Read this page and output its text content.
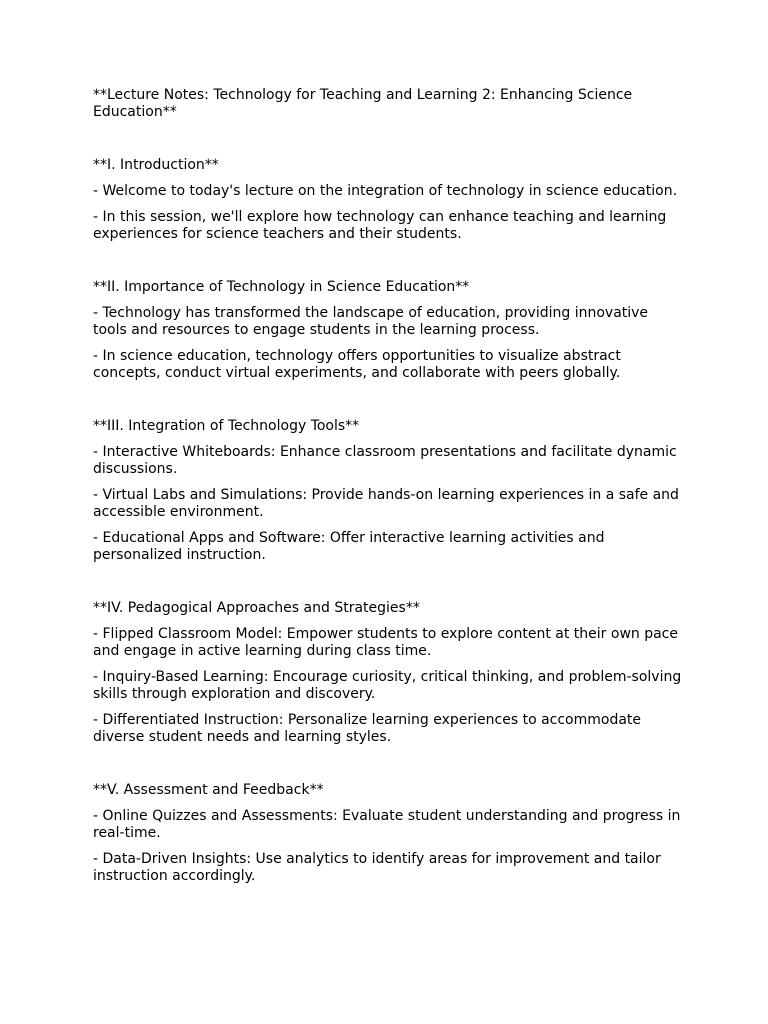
**Lecture Notes: Technology for Teaching and Learning 2: Enhancing Science Education**
**I. Introduction**

- Welcome to today's lecture on the integration of technology in science education.

- In this session, we'll explore how technology can enhance teaching and learning experiences for science teachers and their students.

**II. Importance of Technology in Science Education**

- Technology has transformed the landscape of education, providing innovative tools and resources to engage students in the learning process.

- In science education, technology offers opportunities to visualize abstract concepts, conduct virtual experiments, and collaborate with peers globally.

**III. Integration of Technology Tools**

- Interactive Whiteboards: Enhance classroom presentations and facilitate dynamic discussions.

- Virtual Labs and Simulations: Provide hands-on learning experiences in a safe and accessible environment.

- Educational Apps and Software: Offer interactive learning activities and personalized instruction.

**IV. Pedagogical Approaches and Strategies**

- Flipped Classroom Model: Empower students to explore content at their own pace and engage in active learning during class time.

- Inquiry-Based Learning: Encourage curiosity, critical thinking, and problem-solving skills through exploration and discovery.

- Differentiated Instruction: Personalize learning experiences to accommodate diverse student needs and learning styles.

**V. Assessment and Feedback**

- Online Quizzes and Assessments: Evaluate student understanding and progress in real-time.

- Data-Driven Insights: Use analytics to identify areas for improvement and tailor instruction accordingly.
